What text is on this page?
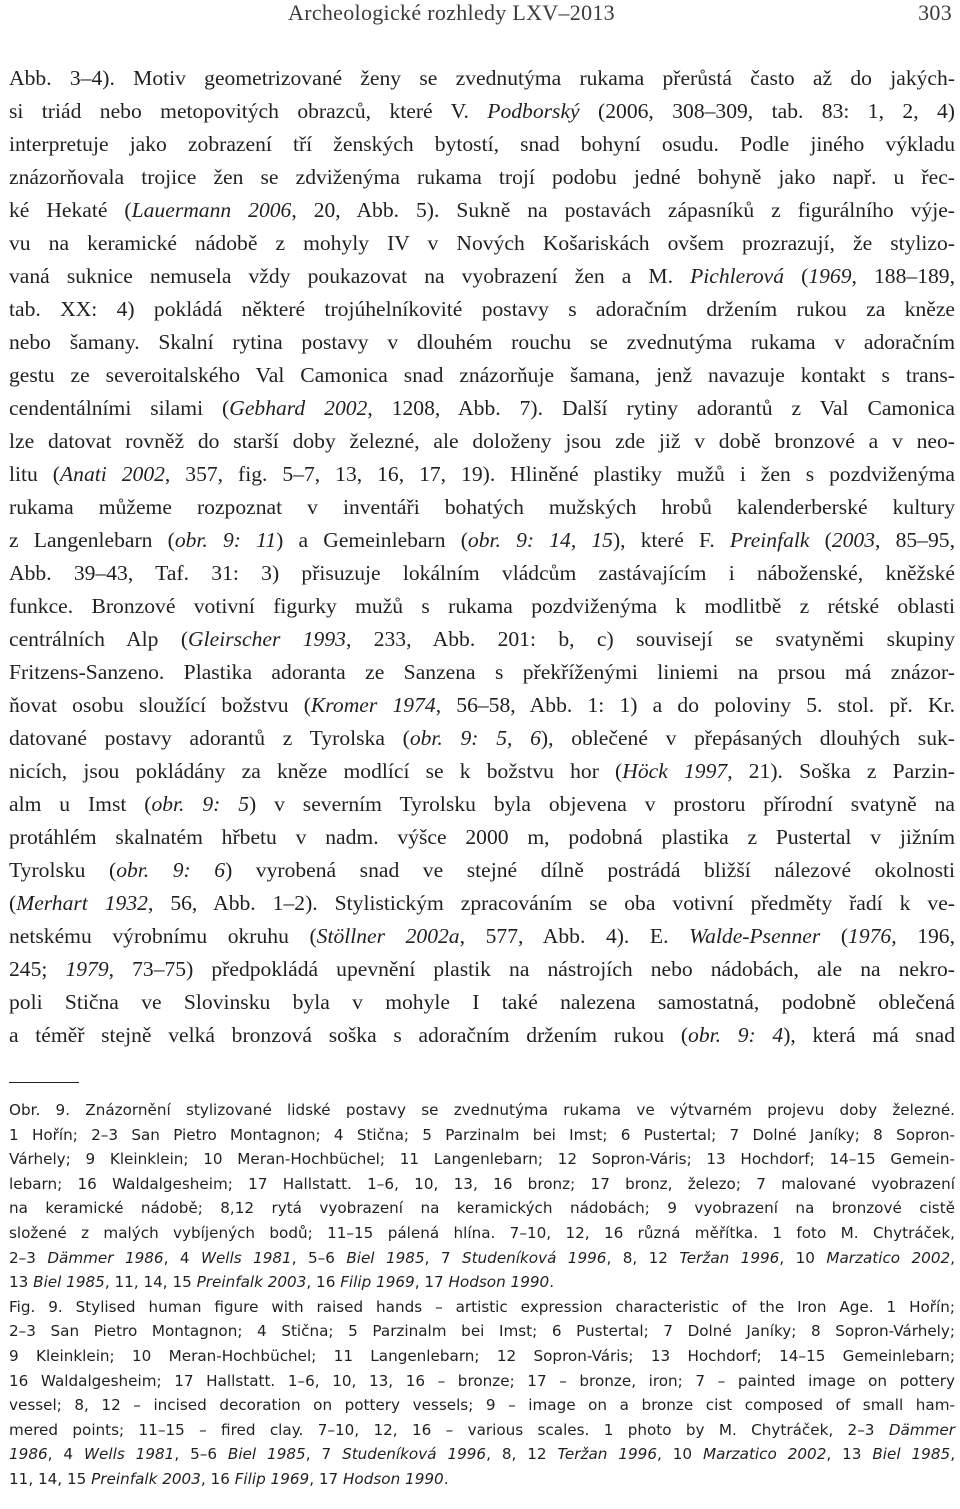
Archeologické rozhledy LXV–2013	303
Abb. 3–4). Motiv geometrizované ženy se zvednutýma rukama přerůstá často až do jakých-
si triád nebo metopovitých obrazců, které V. Podborský (2006, 308–309, tab. 83: 1, 2, 4)
interpretuje jako zobrazení tří ženských bytostí, snad bohyní osudu. Podle jiného výkladu
znázorňovala trojice žen se zdviženýma rukama trojí podobu jedné bohyně jako např. u řec-
ké Hekaté (Lauermann 2006, 20, Abb. 5). Sukně na postavách zápasníků z figurálního výje-
vu na keramické nádobě z mohyly IV v Nových Košariskách ovšem prozrazují, že stylizo-
vaná suknice nemusela vždy poukazovat na vyobrazení žen a M. Pichlerová (1969, 188–189,
tab. XX: 4) pokládá některé trojúhelníkovité postavy s adoračním držením rukou za kněze
nebo šamany. Skalní rytina postavy v dlouhém rouchu se zvednutýma rukama v adoračním
gestu ze severoitalského Val Camonica snad znázorňuje šamana, jenž navazuje kontakt s trans-
cendentálními silami (Gebhard 2002, 1208, Abb. 7). Další rytiny adorantů z Val Camonica
lze datovat rovněž do starší doby železné, ale doloženy jsou zde již v době bronzové a v neo-
litu (Anati 2002, 357, fig. 5–7, 13, 16, 17, 19). Hliněné plastiky mužů i žen s pozdviženýma
rukama můžeme rozpoznat v inventáři bohatých mužských hrobů kalenderberské kultury
z Langenlebarn (obr. 9: 11) a Gemeinlebarn (obr. 9: 14, 15), které F. Preinfalk (2003, 85–95,
Abb. 39–43, Taf. 31: 3) přisuzuje lokálním vládcům zastávajícím i náboženské, kněžské
funkce. Bronzové votivní figurky mužů s rukama pozdviženýma k modlitbě z rétské oblasti
centrálních Alp (Gleirscher 1993, 233, Abb. 201: b, c) souvisejí se svatyněmi skupiny
Fritzens-Sanzeno. Plastika adoranta ze Sanzena s překříženými liniemi na prsou má znázor-
ňovat osobu sloužící božstvu (Kromer 1974, 56–58, Abb. 1: 1) a do poloviny 5. stol. př. Kr.
datované postavy adorantů z Tyrolska (obr. 9: 5, 6), oblečené v přepásaných dlouhých suk-
nicích, jsou pokládány za kněze modlící se k božstvu hor (Höck 1997, 21). Soška z Parzin-
alm u Imst (obr. 9: 5) v severním Tyrolsku byla objevena v prostoru přírodní svatyně na
protáhlém skalnatém hřbetu v nadm. výšce 2000 m, podobná plastika z Pustertal v jižním
Tyrolsku (obr. 9: 6) vyrobená snad ve stejné dílně postrádá bližší nálezové okolnosti
(Merhart 1932, 56, Abb. 1–2). Stylistickým zpracováním se oba votivní předměty řadí k ve-
netskému výrobnímu okruhu (Stöllner 2002a, 577, Abb. 4). E. Walde-Psenner (1976, 196,
245; 1979, 73–75) předpokládá upevnění plastik na nástrojích nebo nádobách, ale na nekro-
poli Stična ve Slovinsku byla v mohyle I také nalezena samostatná, podobně oblečená
a téměř stejně velká bronzová soška s adoračním držením rukou (obr. 9: 4), která má snad
Obr. 9. Znázornění stylizované lidské postavy se zvednutýma rukama ve výtvarném projevu doby železné.
1 Hořín; 2–3 San Pietro Montagnon; 4 Stična; 5 Parzinalm bei Imst; 6 Pustertal; 7 Dolné Janíky; 8 Sopron-
Várhely; 9 Kleinklein; 10 Meran-Hochbüchel; 11 Langenlebarn; 12 Sopron-Váris; 13 Hochdorf; 14–15 Gemein-
lebarn; 16 Waldalgesheim; 17 Hallstatt. 1–6, 10, 13, 16 bronz; 17 bronz, železo; 7 malované vyobrazení
na keramické nádobě; 8,12 rytá vyobrazení na keramických nádobách; 9 vyobrazení na bronzové cistě
složené z malých vybíjených bodů; 11–15 pálená hlína. 7–10, 12, 16 různá měřítka. 1 foto M. Chytráček,
2–3 Dämmer 1986, 4 Wells 1981, 5–6 Biel 1985, 7 Studeníková 1996, 8, 12 Teržan 1996, 10 Marzatico 2002,
13 Biel 1985, 11, 14, 15 Preinfalk 2003, 16 Filip 1969, 17 Hodson 1990.
Fig. 9. Stylised human figure with raised hands – artistic expression characteristic of the Iron Age. 1 Hořín;
2–3 San Pietro Montagnon; 4 Stična; 5 Parzinalm bei Imst; 6 Pustertal; 7 Dolné Janíky; 8 Sopron-Várhely;
9 Kleinklein; 10 Meran-Hochbüchel; 11 Langenlebarn; 12 Sopron-Váris; 13 Hochdorf; 14–15 Gemeinlebarn;
16 Waldalgesheim; 17 Hallstatt. 1–6, 10, 13, 16 – bronze; 17 – bronze, iron; 7 – painted image on pottery
vessel; 8, 12 – incised decoration on pottery vessels; 9 – image on a bronze cist composed of small ham-
mered points; 11–15 – fired clay. 7–10, 12, 16 – various scales. 1 photo by M. Chytráček, 2–3 Dämmer
1986, 4 Wells 1981, 5–6 Biel 1985, 7 Studeníková 1996, 8, 12 Teržan 1996, 10 Marzatico 2002, 13 Biel 1985,
11, 14, 15 Preinfalk 2003, 16 Filip 1969, 17 Hodson 1990.
